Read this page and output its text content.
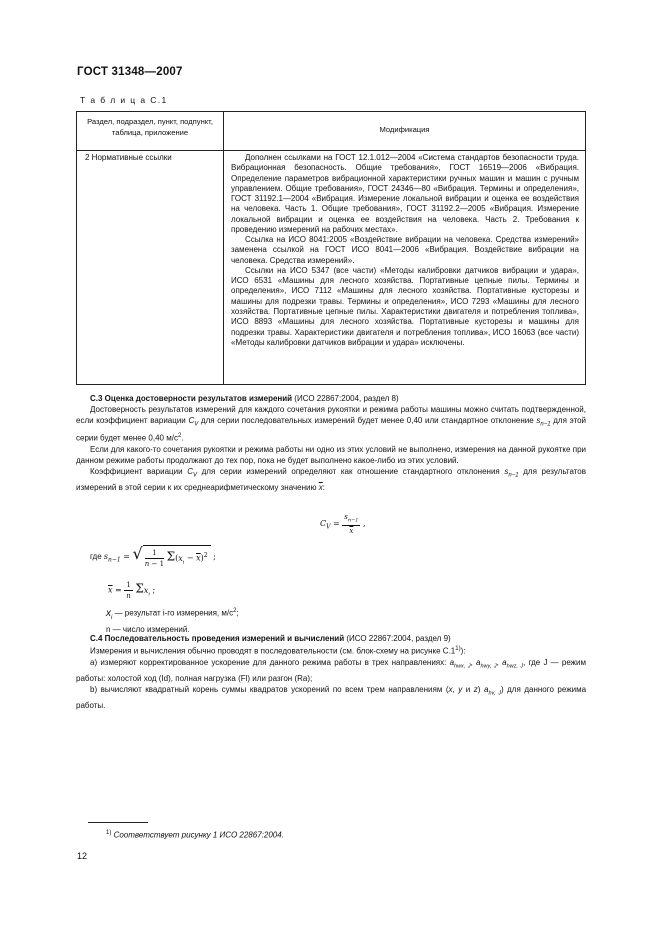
ГОСТ 31348—2007
Т а б л и ц а С.1
Раздел, подраздел, пункт, подпункт, таблица, приложение	Модификация
2 Нормативные ссылки	Дополнен ссылками на ГОСТ 12.1.012—2004 «Система стандартов безопасности труда. Вибрационная безопасность. Общие требования», ГОСТ 16519—2006 «Вибрация. Определение параметров вибрационной характеристики ручных машин и машин с ручным управлением. Общие требования», ГОСТ 24346—80 «Вибрация. Термины и определения», ГОСТ 31192.1—2004 «Вибрация. Измерение локальной вибрации и оценка ее воздействия на человека. Часть 1. Общие требования», ГОСТ 31192.2—2005 «Вибрация. Измерение локальной вибрации и оценка ее воздействия на человека. Часть 2. Требования к проведению измерений на рабочих местах».

Ссылка на ИСО 8041:2005 «Воздействие вибрации на человека. Средства измерений» заменена ссылкой на ГОСТ ИСО 8041—2006 «Вибрация. Воздействие вибрации на человека. Средства измерений».

Ссылки на ИСО 5347 (все части) «Методы калибровки датчиков вибрации и удара», ИСО 6531 «Машины для лесного хозяйства. Портативные цепные пилы. Термины и определения», ИСО 7112 «Машины для лесного хозяйства. Портативные кусторезы и машины для подрезки травы. Термины и определения», ИСО 7293 «Машины для лесного хозяйства. Портативные цепные пилы. Характеристики двигателя и потребления топлива», ИСО 8893 «Машины для лесного хозяйства. Портативные кусторезы и машины для подрезки травы. Характеристики двигателя и потребления топлива», ИСО 16063 (все части) «Методы калибровки датчиков вибрации и удара» исключены.

С.3 Оценка достоверности результатов измерений (ИСО 22867:2004, раздел 8)

Достоверность результатов измерений для каждого сочетания рукоятки и режима работы машины можно считать подтвержденной, если коэффициент вариации $C_V$ для серии последовательных измерений будет менее 0,40 или стандартное отклонение $s_{n-1}$ для этой серии будет менее 0,40 $м/с^2$.

Если для какого-то сочетания рукоятки и режима работы ни одно из этих условий не выполнено, измерения на данной рукоятке при данном режиме работы продолжают до тех пор, пока не будет выполнено какое-либо из этих условий.

Коэффициент вариации $C_V$ для серии измерений определяют как отношение стандартного отклонения $s_{n-1}$ для результатов измерений в этой серии к их среднеарифметическому значению $\overline{x}$:

$C_V = \frac{s_{n-1}}{x}$ ,
где $s_{n-1}$ = √ $\frac{1}{n - 1} \Sigma(x_i - \overline{x})^2$ ;
$\overline{x} = \frac{1}{n} \Sigma x_i$ ;

$x_i$ — результат i-го измерения, $м/с^2$;

n — число измерений.

С.4 Последовательность проведения измерений и вычислений (ИСО 22867:2004, раздел 9)

Измерения и вычисления обычно проводят в последовательности (см. блок-схему на рисунке С.1$^{1)}$):

а) измеряют корректированное ускорение для данного режима работы в трех направлениях: $a_{hwx, J}$, $a_{hwy, J}$, $a_{hwz, J}$, где J — режим работы: холостой ход (Id), полная нагрузка (Fl) или разгон (Ra);

b) вычисляют квадратный корень суммы квадратов ускорений по всем трем направлениям (x, y и z) $a_{hv, J}$) для данного режима работы.

$^{1)}$ Соответствует рисунку 1 ИСО 22867:2004.
12
